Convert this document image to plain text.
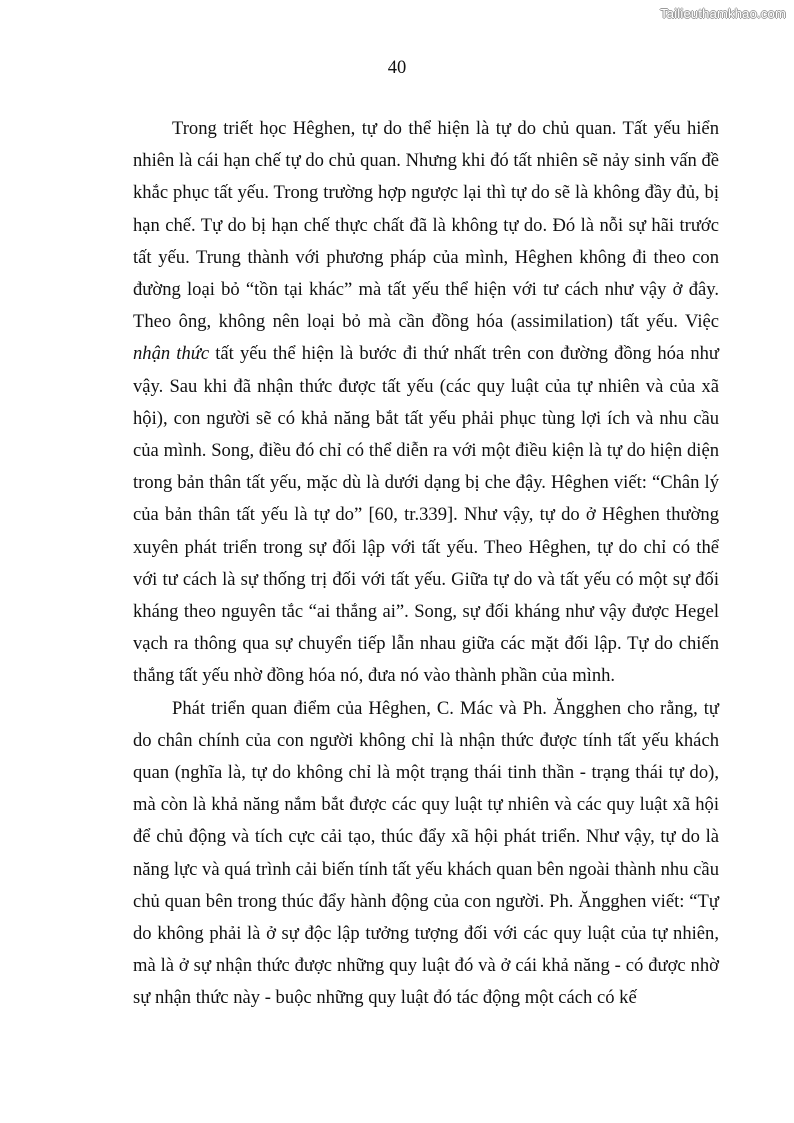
Tailieuthamkhao.com
40

Trong triết học Hêghen, tự do thể hiện là tự do chủ quan. Tất yếu hiển nhiên là cái hạn chế tự do chủ quan. Nhưng khi đó tất nhiên sẽ nảy sinh vấn đề khắc phục tất yếu. Trong trường hợp ngược lại thì tự do sẽ là không đầy đủ, bị hạn chế. Tự do bị hạn chế thực chất đã là không tự do. Đó là nỗi sự hãi trước tất yếu. Trung thành với phương pháp của mình, Hêghen không đi theo con đường loại bỏ “tồn tại khác” mà tất yếu thể hiện với tư cách như vậy ở đây. Theo ông, không nên loại bỏ mà cần đồng hóa (assimilation) tất yếu. Việc nhận thức tất yếu thể hiện là bước đi thứ nhất trên con đường đồng hóa như vậy. Sau khi đã nhận thức được tất yếu (các quy luật của tự nhiên và của xã hội), con người sẽ có khả năng bắt tất yếu phải phục tùng lợi ích và nhu cầu của mình. Song, điều đó chỉ có thể diễn ra với một điều kiện là tự do hiện diện trong bản thân tất yếu, mặc dù là dưới dạng bị che đậy. Hêghen viết: “Chân lý của bản thân tất yếu là tự do” [60, tr.339]. Như vậy, tự do ở Hêghen thường xuyên phát triển trong sự đối lập với tất yếu. Theo Hêghen, tự do chỉ có thể với tư cách là sự thống trị đối với tất yếu. Giữa tự do và tất yếu có một sự đối kháng theo nguyên tắc “ai thắng ai”. Song, sự đối kháng như vậy được Hegel vạch ra thông qua sự chuyển tiếp lẫn nhau giữa các mặt đối lập. Tự do chiến thắng tất yếu nhờ đồng hóa nó, đưa nó vào thành phần của mình.

Phát triển quan điểm của Hêghen, C. Mác và Ph. Ăngghen cho rằng, tự do chân chính của con người không chỉ là nhận thức được tính tất yếu khách quan (nghĩa là, tự do không chỉ là một trạng thái tinh thần - trạng thái tự do), mà còn là khả năng nắm bắt được các quy luật tự nhiên và các quy luật xã hội để chủ động và tích cực cải tạo, thúc đẩy xã hội phát triển. Như vậy, tự do là năng lực và quá trình cải biến tính tất yếu khách quan bên ngoài thành nhu cầu chủ quan bên trong thúc đẩy hành động của con người. Ph. Ăngghen viết: “Tự do không phải là ở sự độc lập tưởng tượng đối với các quy luật của tự nhiên, mà là ở sự nhận thức được những quy luật đó và ở cái khả năng - có được nhờ sự nhận thức này - buộc những quy luật đó tác động một cách có kế
